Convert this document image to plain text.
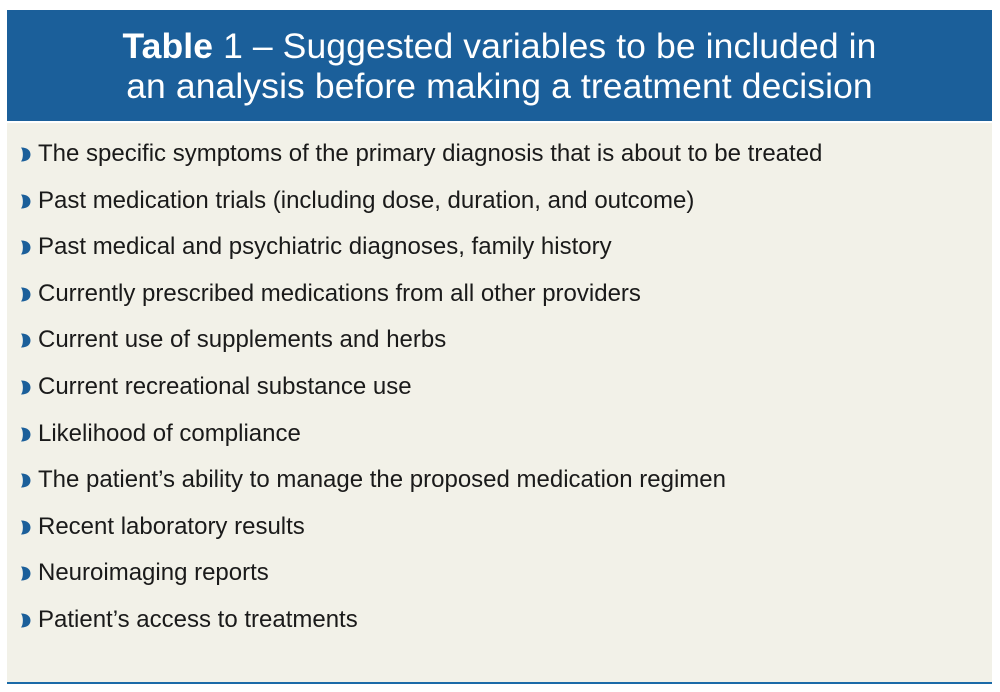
Table 1 – Suggested variables to be included in
an analysis before making a treatment decision
The specific symptoms of the primary diagnosis that is about to be treated
Past medication trials (including dose, duration, and outcome)
Past medical and psychiatric diagnoses, family history
Currently prescribed medications from all other providers
Current use of supplements and herbs
Current recreational substance use
Likelihood of compliance
The patient’s ability to manage the proposed medication regimen
Recent laboratory results
Neuroimaging reports
Patient’s access to treatments
